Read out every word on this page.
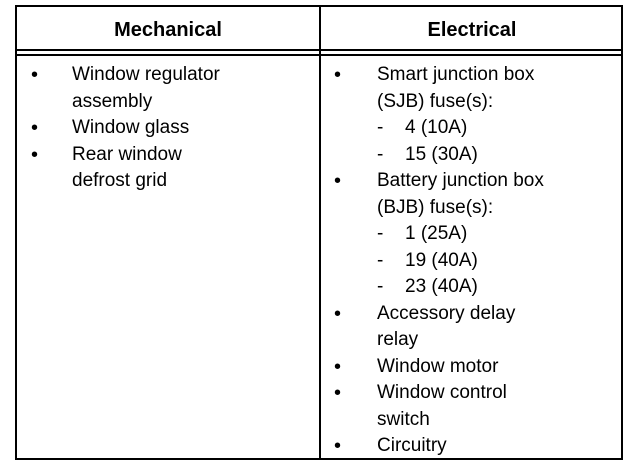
Mechanical	Electrical
• Window regulator
assembly
• Window glass
• Rear window
defrost grid
• Smart junction box
(SJB) fuse(s):
- 4 (10A)
- 15 (30A)
• Battery junction box
(BJB) fuse(s):
- 1 (25A)
- 19 (40A)
- 23 (40A)
• Accessory delay
relay
• Window motor
• Window control
switch
• Circuitry
